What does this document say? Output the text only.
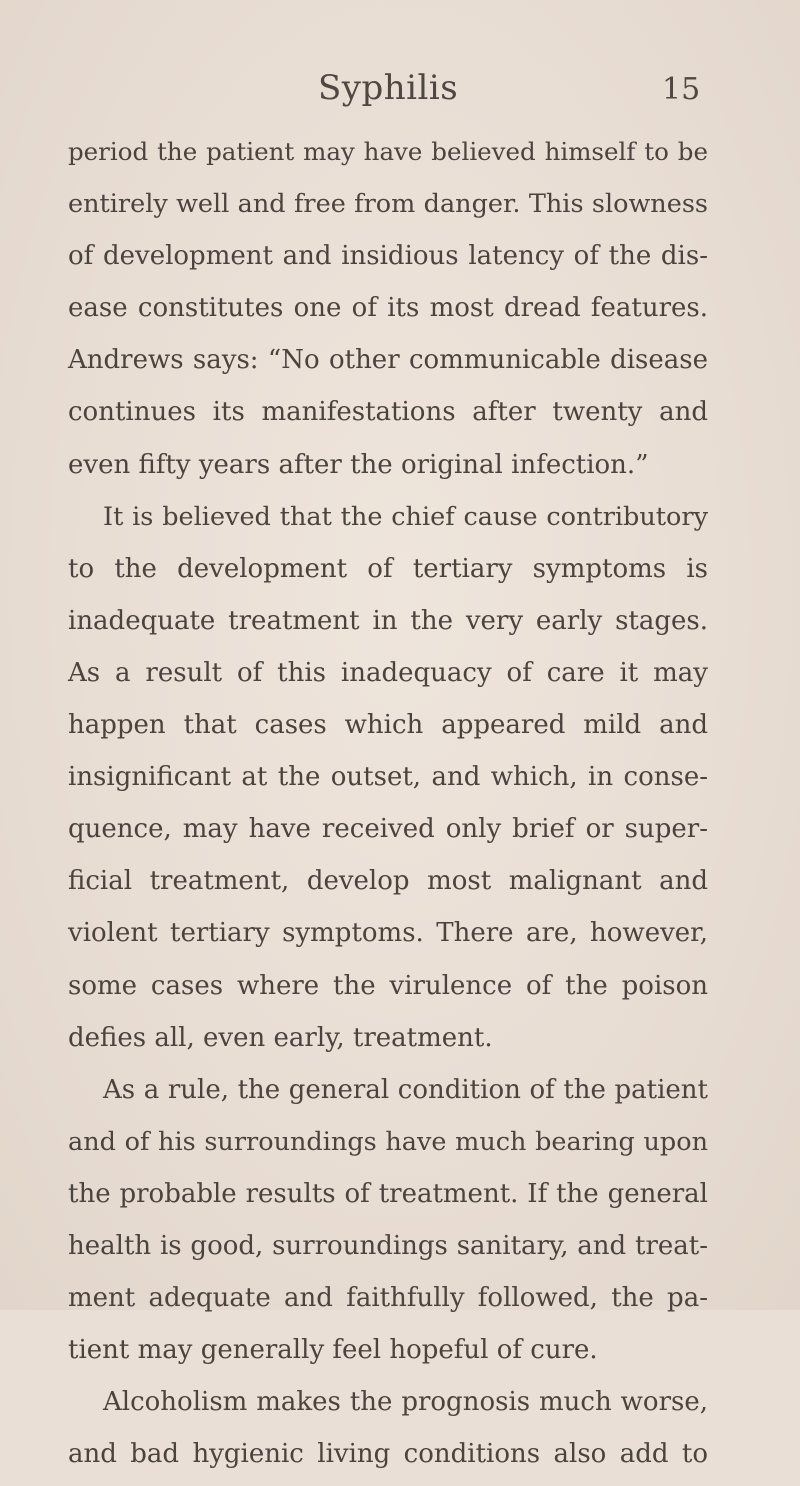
Syphilis	15
period the patient may have believed himself to be
entirely well and free from danger. This slowness
of development and insidious latency of the dis-
ease constitutes one of its most dread features.
Andrews says: “No other communicable disease
continues its manifestations after twenty and
even fifty years after the original infection.”
It is believed that the chief cause contributory
to the development of tertiary symptoms is
inadequate treatment in the very early stages.
As a result of this inadequacy of care it may
happen that cases which appeared mild and
insignificant at the outset, and which, in conse-
quence, may have received only brief or super-
ficial treatment, develop most malignant and
violent tertiary symptoms. There are, however,
some cases where the virulence of the poison
defies all, even early, treatment.
As a rule, the general condition of the patient
and of his surroundings have much bearing upon
the probable results of treatment. If the general
health is good, surroundings sanitary, and treat-
ment adequate and faithfully followed, the pa-
tient may generally feel hopeful of cure.
Alcoholism makes the prognosis much worse,
and bad hygienic living conditions also add to
